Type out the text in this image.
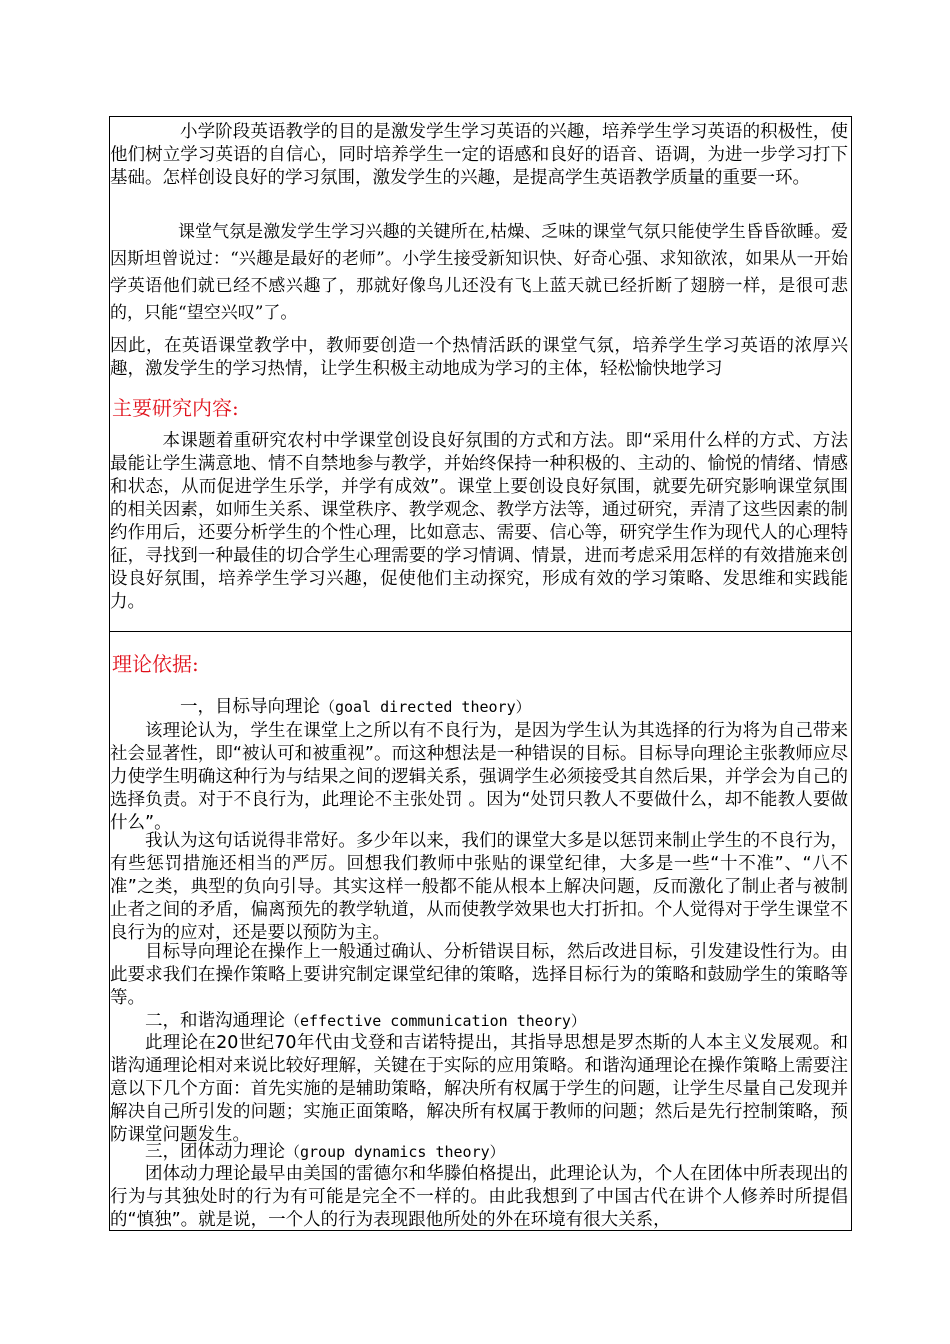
小学阶段英语教学的目的是激发学生学习英语的兴趣，培养学生学习英语的积极性，使他们树立学习英语的自信心，同时培养学生一定的语感和良好的语音、语调，为进一步学习打下基础。怎样创设良好的学习氛围，激发学生的兴趣，是提高学生英语教学质量的重要一环。

课堂气氛是激发学生学习兴趣的关键所在,枯燥、乏味的课堂气氛只能使学生昏昏欲睡。爱因斯坦曾说过：“兴趣是最好的老师”。小学生接受新知识快、好奇心强、求知欲浓，如果从一开始学英语他们就已经不感兴趣了，那就好像鸟儿还没有飞上蓝天就已经折断了翅膀一样，是很可悲的，只能“望空兴叹”了。

因此，在英语课堂教学中，教师要创造一个热情活跃的课堂气氛，培养学生学习英语的浓厚兴趣，激发学生的学习热情，让学生积极主动地成为学习的主体，轻松愉快地学习

主要研究内容:

本课题着重研究农村中学课堂创设良好氛围的方式和方法。即“采用什么样的方式、方法最能让学生满意地、情不自禁地参与教学，并始终保持一种积极的、主动的、愉悦的情绪、情感和状态，从而促进学生乐学，并学有成效”。课堂上要创设良好氛围，就要先研究影响课堂氛围的相关因素，如师生关系、课堂秩序、教学观念、教学方法等，通过研究，弄清了这些因素的制约作用后，还要分析学生的个性心理，比如意志、需要、信心等，研究学生作为现代人的心理特征，寻找到一种最佳的切合学生心理需要的学习情调、情景，进而考虑采用怎样的有效措施来创设良好氛围，培养学生学习兴趣，促使他们主动探究，形成有效的学习策略、发思维和实践能力。

理论依据:

一，目标导向理论（goal directed theory）

该理论认为，学生在课堂上之所以有不良行为，是因为学生认为其选择的行为将为自己带来社会显著性，即“被认可和被重视”。而这种想法是一种错误的目标。目标导向理论主张教师应尽力使学生明确这种行为与结果之间的逻辑关系，强调学生必须接受其自然后果，并学会为自己的选择负责。对于不良行为，此理论不主张处罚 。因为“处罚只教人不要做什么，却不能教人要做什么”。

我认为这句话说得非常好。多少年以来，我们的课堂大多是以惩罚来制止学生的不良行为，有些惩罚措施还相当的严厉。回想我们教师中张贴的课堂纪律，大多是一些“十不准”、“八不准”之类，典型的负向引导。其实这样一般都不能从根本上解决问题，反而激化了制止者与被制止者之间的矛盾，偏离预先的教学轨道，从而使教学效果也大打折扣。个人觉得对于学生课堂不良行为的应对，还是要以预防为主。

目标导向理论在操作上一般通过确认、分析错误目标，然后改进目标，引发建设性行为。由此要求我们在操作策略上要讲究制定课堂纪律的策略，选择目标行为的策略和鼓励学生的策略等等。

二，和谐沟通理论（effective communication theory）

此理论在20世纪70年代由戈登和吉诺特提出，其指导思想是罗杰斯的人本主义发展观。和谐沟通理论相对来说比较好理解，关键在于实际的应用策略。和谐沟通理论在操作策略上需要注意以下几个方面：首先实施的是辅助策略，解决所有权属于学生的问题，让学生尽量自己发现并解决自己所引发的问题；实施正面策略，解决所有权属于教师的问题；然后是先行控制策略，预防课堂问题发生。

三，团体动力理论（group dynamics theory）

团体动力理论最早由美国的雷德尔和华滕伯格提出，此理论认为，个人在团体中所表现出的行为与其独处时的行为有可能是完全不一样的。由此我想到了中国古代在讲个人修养时所提倡的“慎独”。就是说，一个人的行为表现跟他所处的外在环境有很大关系，
